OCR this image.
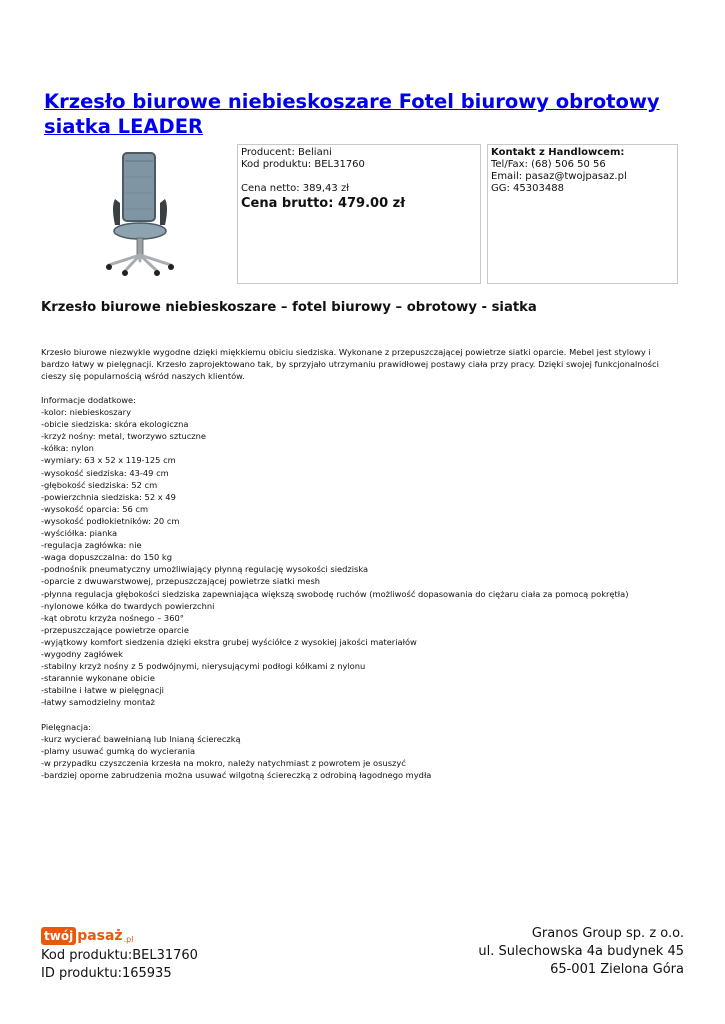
Krzesło biurowe niebieskoszare Fotel biurowy obrotowy siatka LEADER
Producent: Beliani
Kod produktu: BEL31760
Cena netto: 389,43 zł
Cena brutto: 479.00 zł
Kontakt z Handlowcem:
Tel/Fax: (68) 506 50 56
Email: pasaz@twojpasaz.pl
GG: 45303488
Krzesło biurowe niebieskoszare – fotel biurowy – obrotowy - siatka

Krzesło biurowe niezwykle wygodne dzięki miękkiemu obiciu siedziska. Wykonane z przepuszczającej powietrze siatki oparcie. Mebel jest stylowy i bardzo łatwy w pielęgnacji. Krzesło zaprojektowano tak, by sprzyjało utrzymaniu prawidłowej postawy ciała przy pracy. Dzięki swojej funkcjonalności cieszy się popularnością wśród naszych klientów.

Informacje dodatkowe:
-kolor: niebieskoszary
-obicie siedziska: skóra ekologiczna
-krzyż nośny: metal, tworzywo sztuczne
-kółka: nylon
-wymiary: 63 x 52 x 119-125 cm
-wysokość siedziska: 43-49 cm
-głębokość siedziska: 52 cm
-powierzchnia siedziska: 52 x 49
-wysokość oparcia: 56 cm
-wysokość podłokietników: 20 cm
-wyściółka: pianka
-regulacja zagłówka: nie
-waga dopuszczalna: do 150 kg
-podnośnik pneumatyczny umożliwiający płynną regulację wysokości siedziska
-oparcie z dwuwarstwowej, przepuszczającej powietrze siatki mesh
-płynna regulacja głębokości siedziska zapewniająca większą swobodę ruchów (możliwość dopasowania do ciężaru ciała za pomocą pokrętła)
-nylonowe kółka do twardych powierzchni
-kąt obrotu krzyża nośnego – 360°
-przepuszczające powietrze oparcie
-wyjątkowy komfort siedzenia dzięki ekstra grubej wyściółce z wysokiej jakości materiałów
-wygodny zagłówek
-stabilny krzyż nośny z 5 podwójnymi, nierysującymi podłogi kółkami z nylonu
-starannie wykonane obicie
-stabilne i łatwe w pielęgnacji
-łatwy samodzielny montaż
Pielęgnacja:
-kurz wycierać bawełnianą lub lnianą ściereczką
-plamy usuwać gumką do wycierania
-w przypadku czyszczenia krzesła na mokro, należy natychmiast z powrotem je osuszyć
-bardziej oporne zabrudzenia można usuwać wilgotną ściereczką z odrobiną łagodnego mydła
twój pasaż .pl
Kod produktu:BEL31760
ID produktu:165935
Granos Group sp. z o.o.
ul. Sulechowska 4a budynek 45
65-001 Zielona Góra
